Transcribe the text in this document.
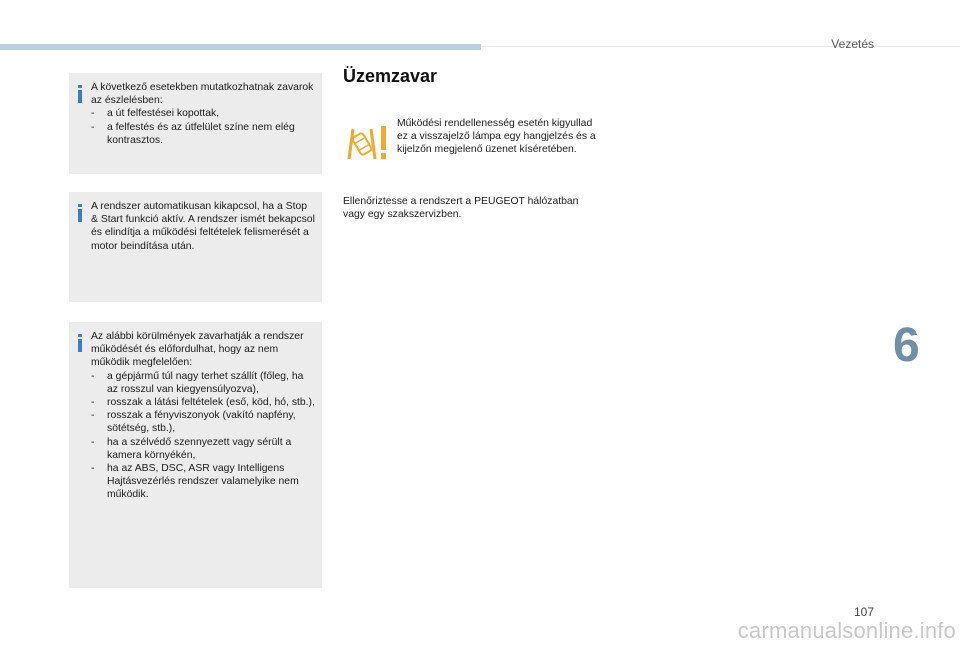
Vezetés

A következő esetekben mutatkozhatnak zavarok az észlelésben:

- a út felfestései kopottak,
- a felfestés és az útfelület színe nem elég kontrasztos.

A rendszer automatikusan kikapcsol, ha a Stop & Start funkció aktív. A rendszer ismét bekapcsol és elindítja a működési feltételek felismerését a motor beindítása után.

Az alábbi körülmények zavarhatják a rendszer működését és előfordulhat, hogy az nem működik megfelelően:

- a gépjármű túl nagy terhet szállít (főleg, ha az rosszul van kiegyensúlyozva),
- rosszak a látási feltételek (eső, köd, hó, stb.),
- rosszak a fényviszonyok (vakító napfény, sötétség, stb.),
- ha a szélvédő szennyezett vagy sérült a kamera környékén,
- ha az ABS, DSC, ASR vagy Intelligens Hajtásvezérlés rendszer valamelyike nem működik.
Üzemzavar

Működési rendellenesség esetén kigyullad ez a visszajelző lámpa egy hangjelzés és a kijelzőn megjelenő üzenet kíséretében.

Ellenőriztesse a rendszert a PEUGEOT hálózatban vagy egy szakszervizben.

6
107
carmanualsonline.info
